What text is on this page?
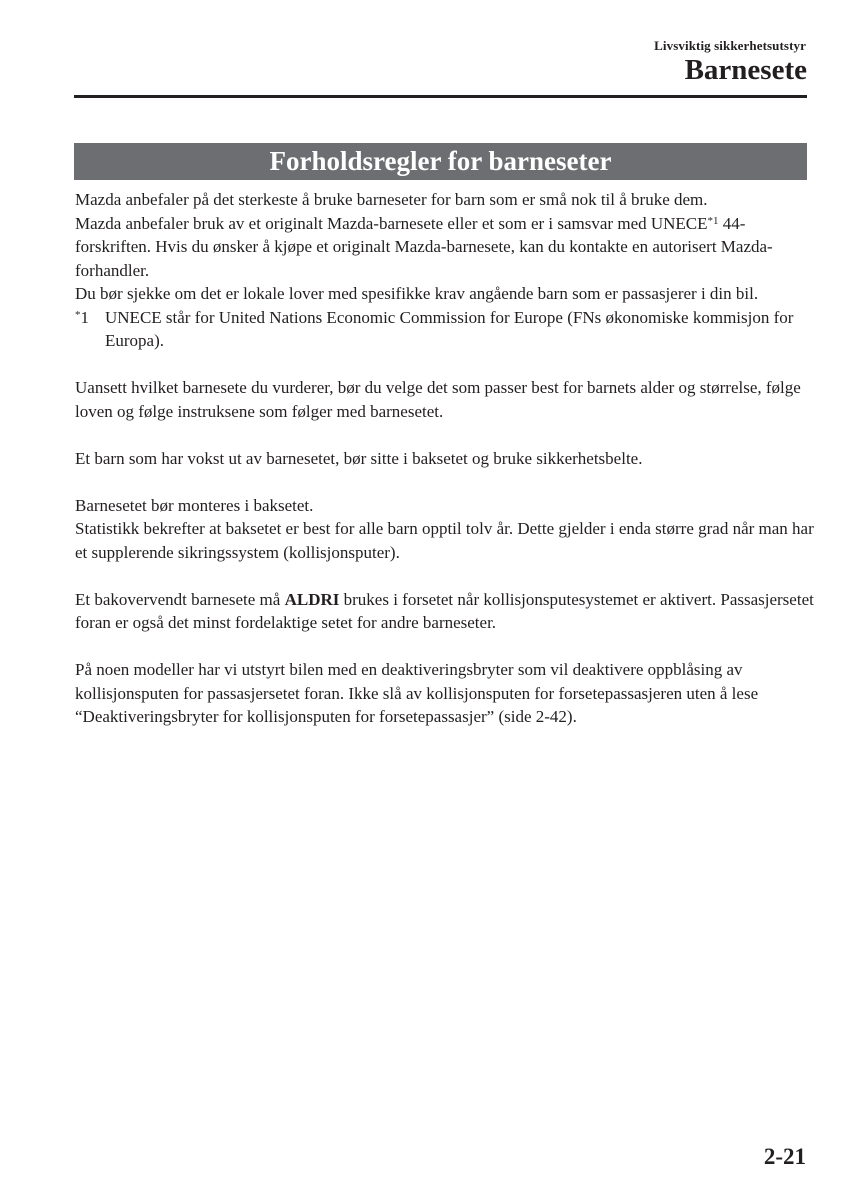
Livsviktig sikkerhetsutstyr
Barnesete
Forholdsregler for barneseter

Mazda anbefaler på det sterkeste å bruke barneseter for barn som er små nok til å bruke dem.

Mazda anbefaler bruk av et originalt Mazda-barnesete eller et som er i samsvar med UNECE$^{*1}$ 44-forskriften. Hvis du ønsker å kjøpe et originalt Mazda-barnesete, kan du kontakte en autorisert Mazda-forhandler.

Du bør sjekke om det er lokale lover med spesifikke krav angående barn som er passasjerer i din bil.

*1 UNECE står for United Nations Economic Commission for Europe (FNs økonomiske kommisjon for Europa).

Uansett hvilket barnesete du vurderer, bør du velge det som passer best for barnets alder og størrelse, følge loven og følge instruksene som følger med barnesetet.

Et barn som har vokst ut av barnesetet, bør sitte i baksetet og bruke sikkerhetsbelte.

Barnesetet bør monteres i baksetet.

Statistikk bekrefter at baksetet er best for alle barn opptil tolv år. Dette gjelder i enda større grad når man har et supplerende sikringssystem (kollisjonsputer).

Et bakovervendt barnesete må ALDRI brukes i forsetet når kollisjonsputesystemet er aktivert. Passasjersetet foran er også det minst fordelaktige setet for andre barneseter.

På noen modeller har vi utstyrt bilen med en deaktiveringsbryter som vil deaktivere oppblåsing av kollisjonsputen for passasjersetet foran. Ikke slå av kollisjonsputen for forsetepassasjeren uten å lese “Deaktiveringsbryter for kollisjonsputen for forsetepassasjer” (side 2-42).

2-21
